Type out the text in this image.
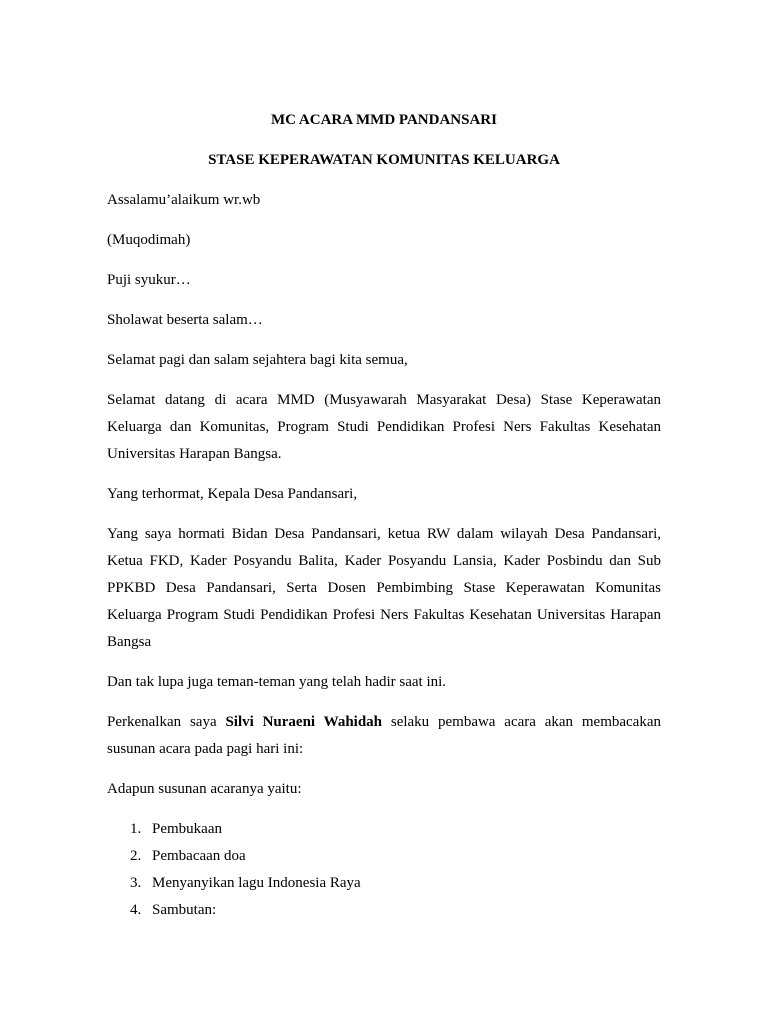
MC ACARA MMD PANDANSARI
STASE KEPERAWATAN KOMUNITAS KELUARGA
Assalamu’alaikum wr.wb
(Muqodimah)
Puji syukur…
Sholawat beserta salam…
Selamat pagi dan salam sejahtera bagi kita semua,
Selamat datang di acara MMD (Musyawarah Masyarakat Desa) Stase Keperawatan Keluarga dan Komunitas, Program Studi Pendidikan Profesi Ners Fakultas Kesehatan Universitas Harapan Bangsa.
Yang terhormat, Kepala Desa Pandansari,
Yang saya hormati Bidan Desa Pandansari, ketua RW dalam wilayah Desa Pandansari, Ketua FKD, Kader Posyandu Balita, Kader Posyandu Lansia, Kader Posbindu dan Sub PPKBD Desa Pandansari, Serta Dosen Pembimbing Stase Keperawatan Komunitas Keluarga Program Studi Pendidikan Profesi Ners Fakultas Kesehatan Universitas Harapan Bangsa
Dan tak lupa juga teman-teman yang telah hadir saat ini.
Perkenalkan saya Silvi Nuraeni Wahidah selaku pembawa acara akan membacakan susunan acara pada pagi hari ini:
Adapun susunan acaranya yaitu:
1. Pembukaan
2. Pembacaan doa
3. Menyanyikan lagu Indonesia Raya
4. Sambutan:
